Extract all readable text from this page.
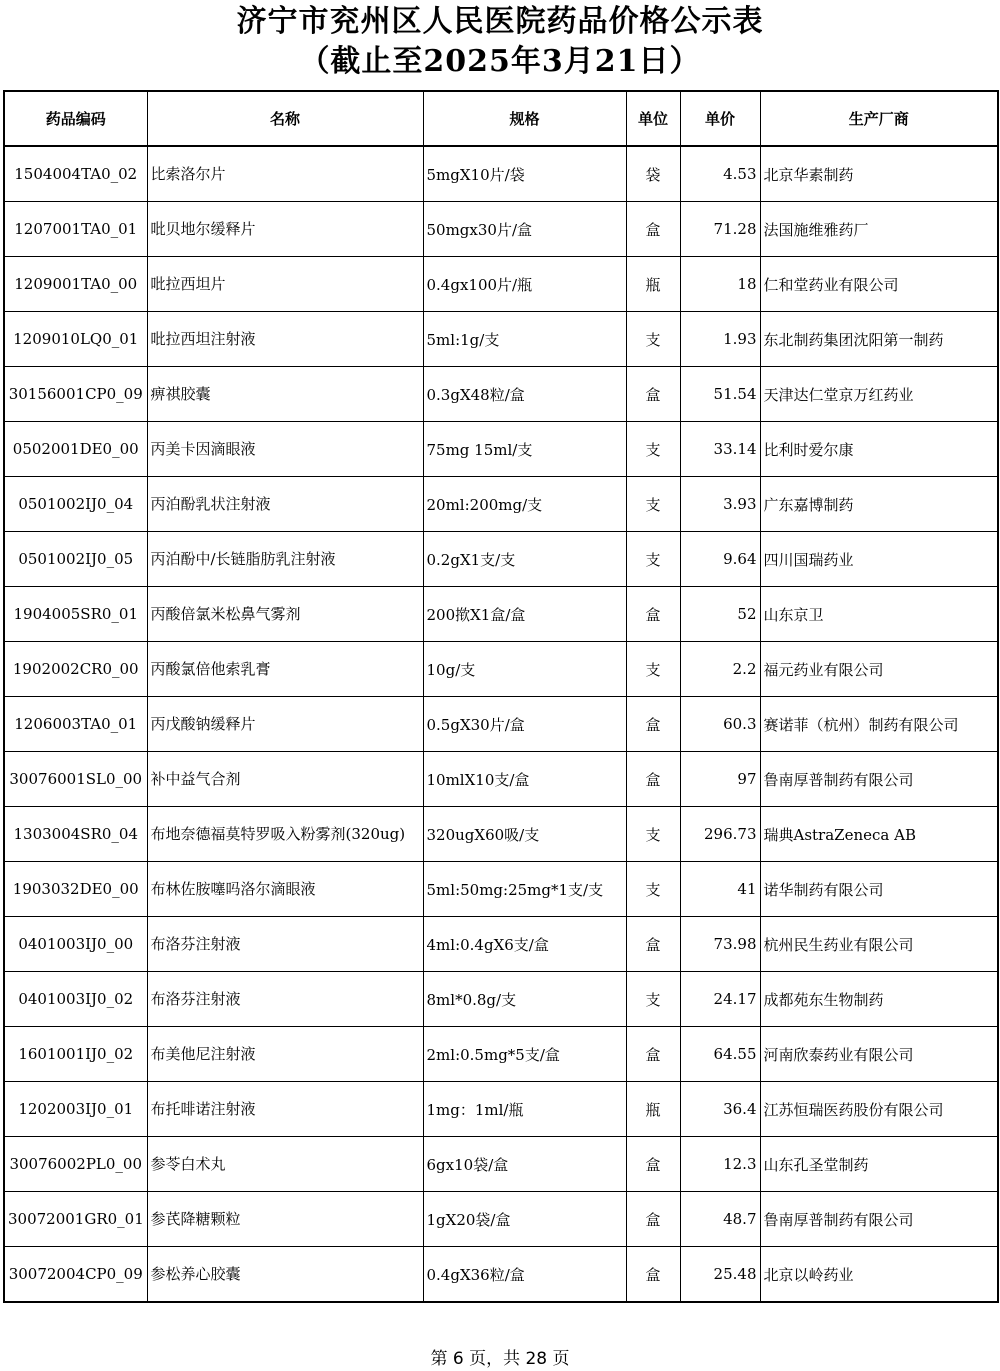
济宁市兖州区人民医院药品价格公示表
（截止至2025年3月21日）
药品编码	名称	规格	单位	单价	生产厂商
1504004TA0_02	比索洛尔片	5mgX10片/袋	袋	4.53	北京华素制药
1207001TA0_01	吡贝地尔缓释片	50mgx30片/盒	盒	71.28	法国施维雅药厂
1209001TA0_00	吡拉西坦片	0.4gx100片/瓶	瓶	18	仁和堂药业有限公司
1209010LQ0_01	吡拉西坦注射液	5ml:1g/支	支	1.93	东北制药集团沈阳第一制药
30156001CP0_09	痹祺胶囊	0.3gX48粒/盒	盒	51.54	天津达仁堂京万红药业
0502001DE0_00	丙美卡因滴眼液	75mg 15ml/支	支	33.14	比利时爱尔康
0501002IJ0_04	丙泊酚乳状注射液	20ml:200mg/支	支	3.93	广东嘉博制药
0501002IJ0_05	丙泊酚中/长链脂肪乳注射液	0.2gX1支/支	支	9.64	四川国瑞药业
1904005SR0_01	丙酸倍氯米松鼻气雾剂	200揿X1盒/盒	盒	52	山东京卫
1902002CR0_00	丙酸氯倍他索乳膏	10g/支	支	2.2	福元药业有限公司
1206003TA0_01	丙戊酸钠缓释片	0.5gX30片/盒	盒	60.3	赛诺菲（杭州）制药有限公司
30076001SL0_00	补中益气合剂	10mlX10支/盒	盒	97	鲁南厚普制药有限公司
1303004SR0_04	布地奈德福莫特罗吸入粉雾剂(320ug)	320ugX60吸/支	支	296.73	瑞典AstraZeneca AB
1903032DE0_00	布林佐胺噻吗洛尔滴眼液	5ml:50mg:25mg*1支/支	支	41	诺华制药有限公司
0401003IJ0_00	布洛芬注射液	4ml:0.4gX6支/盒	盒	73.98	杭州民生药业有限公司
0401003IJ0_02	布洛芬注射液	8ml*0.8g/支	支	24.17	成都苑东生物制药
1601001IJ0_02	布美他尼注射液	2ml:0.5mg*5支/盒	盒	64.55	河南欣泰药业有限公司
1202003IJ0_01	布托啡诺注射液	1mg：1ml/瓶	瓶	36.4	江苏恒瑞医药股份有限公司
30076002PL0_00	参苓白术丸	6gx10袋/盒	盒	12.3	山东孔圣堂制药
30072001GR0_01	参芪降糖颗粒	1gX20袋/盒	盒	48.7	鲁南厚普制药有限公司
30072004CP0_09	参松养心胶囊	0.4gX36粒/盒	盒	25.48	北京以岭药业
第 6 页，共 28 页
